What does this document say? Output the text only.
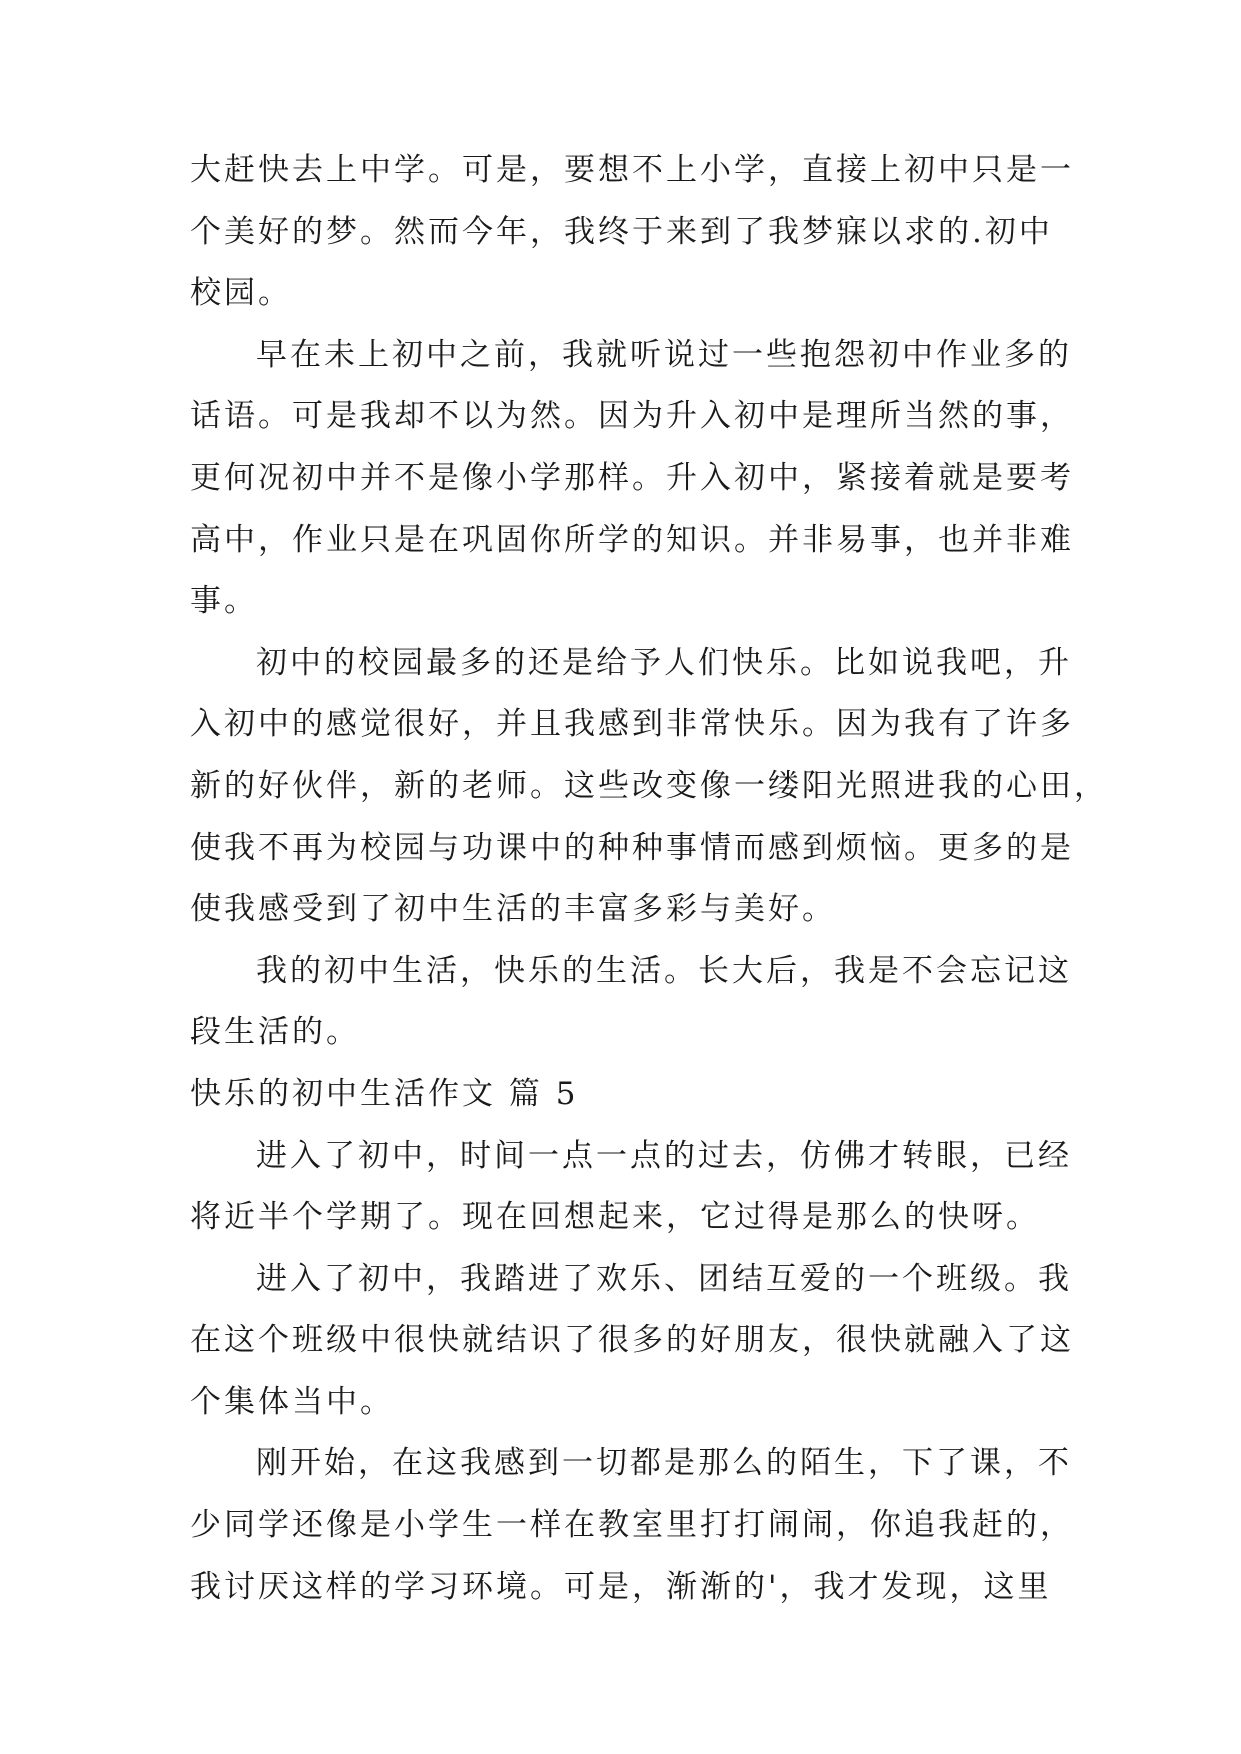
大赶快去上中学。可是，要想不上小学，直接上初中只是一
个美好的梦。然而今年，我终于来到了我梦寐以求的.初中
校园。
早在未上初中之前，我就听说过一些抱怨初中作业多的
话语。可是我却不以为然。因为升入初中是理所当然的事，
更何况初中并不是像小学那样。升入初中，紧接着就是要考
高中，作业只是在巩固你所学的知识。并非易事，也并非难
事。
初中的校园最多的还是给予人们快乐。比如说我吧，升
入初中的感觉很好，并且我感到非常快乐。因为我有了许多
新的好伙伴，新的老师。这些改变像一缕阳光照进我的心田，
使我不再为校园与功课中的种种事情而感到烦恼。更多的是
使我感受到了初中生活的丰富多彩与美好。
我的初中生活，快乐的生活。长大后，我是不会忘记这
段生活的。
快乐的初中生活作文 篇 5
进入了初中，时间一点一点的过去，仿佛才转眼，已经
将近半个学期了。现在回想起来，它过得是那么的快呀。
进入了初中，我踏进了欢乐、团结互爱的一个班级。我
在这个班级中很快就结识了很多的好朋友，很快就融入了这
个集体当中。
刚开始，在这我感到一切都是那么的陌生，下了课，不
少同学还像是小学生一样在教室里打打闹闹，你追我赶的，
我讨厌这样的学习环境。可是，渐渐的'，我才发现，这里
